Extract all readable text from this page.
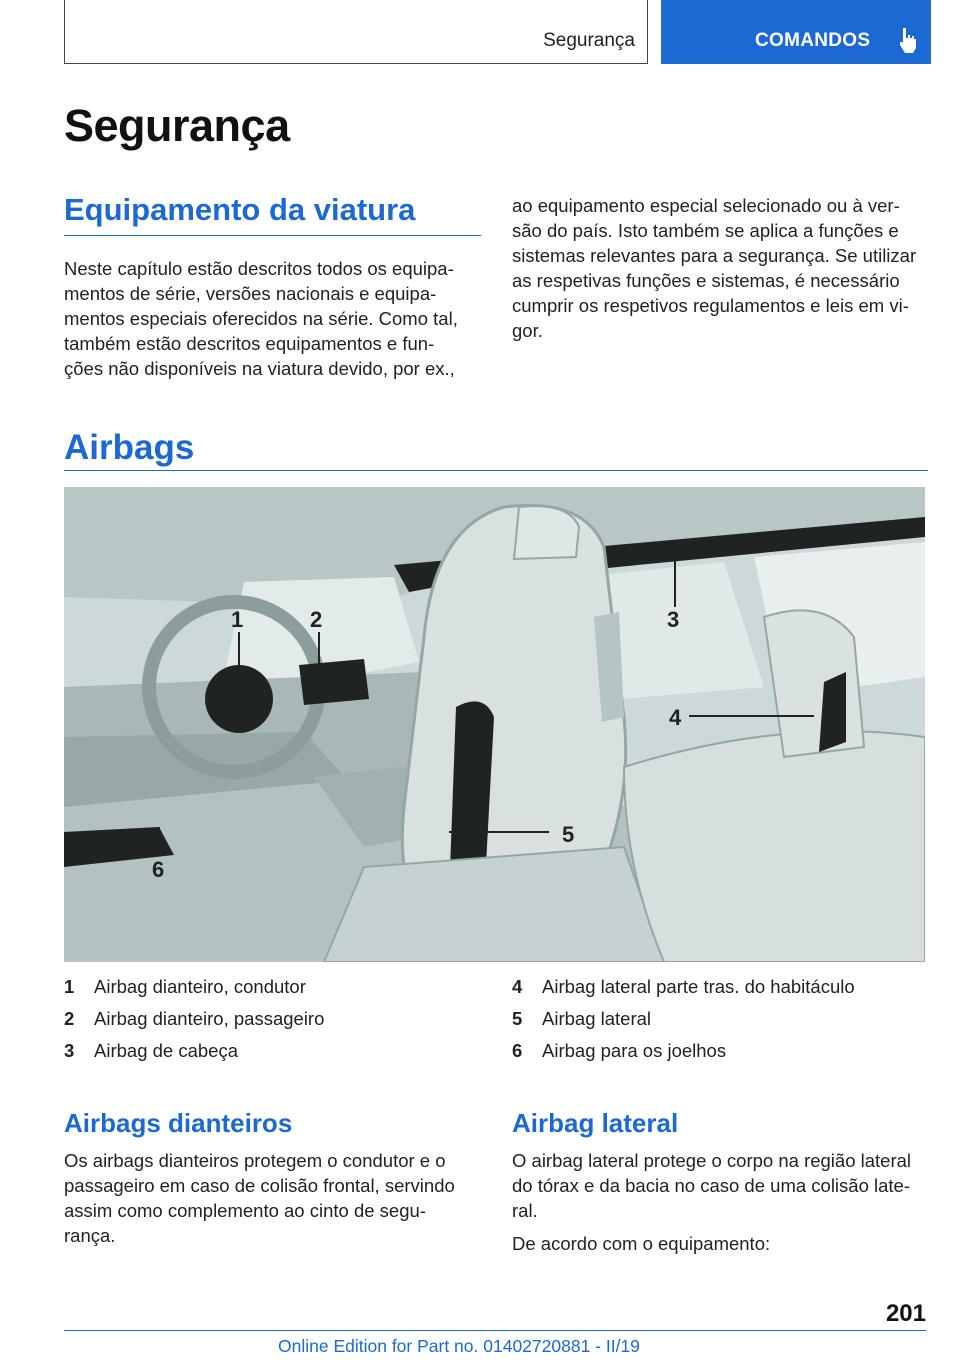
Segurança	COMANDOS
Segurança
Equipamento da viatura
Neste capítulo estão descritos todos os equipa‐
mentos de série, versões nacionais e equipa‐
mentos especiais oferecidos na série. Como tal,
também estão descritos equipamentos e fun‐
ções não disponíveis na viatura devido, por ex.,
ao equipamento especial selecionado ou à ver‐
são do país. Isto também se aplica a funções e
sistemas relevantes para a segurança. Se utilizar
as respetivas funções e sistemas, é necessário
cumprir os respetivos regulamentos e leis em vi‐
gor.
Airbags
1	2	3
4
5
6
1 Airbag dianteiro, condutor
2 Airbag dianteiro, passageiro
3 Airbag de cabeça
4 Airbag lateral parte tras. do habitáculo
5 Airbag lateral
6 Airbag para os joelhos
Airbags dianteiros
Os airbags dianteiros protegem o condutor e o
passageiro em caso de colisão frontal, servindo
assim como complemento ao cinto de segu‐
rança.
Airbag lateral
O airbag lateral protege o corpo na região lateral
do tórax e da bacia no caso de uma colisão late‐
ral.
De acordo com o equipamento:
201
Online Edition for Part no. 01402720881 - II/19
